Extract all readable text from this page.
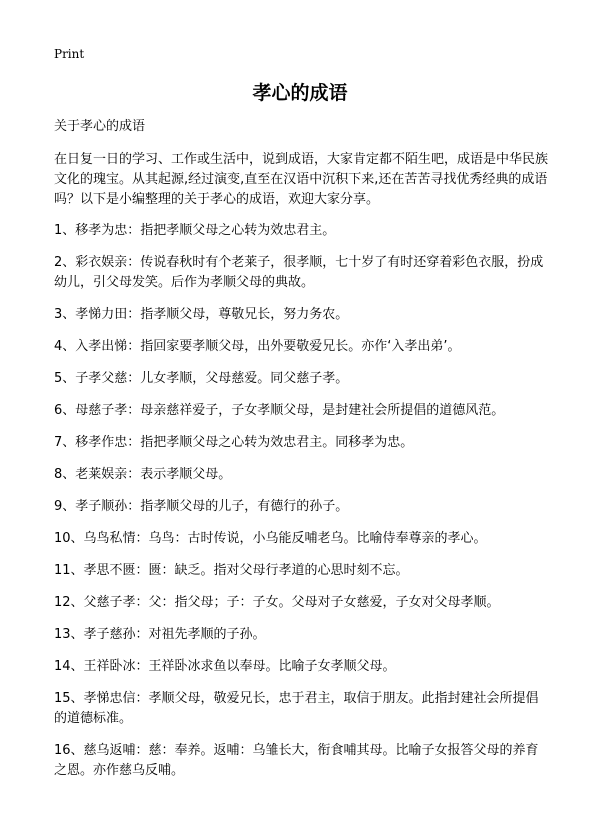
Print
孝心的成语
关于孝心的成语

在日复一日的学习、工作或生活中，说到成语，大家肯定都不陌生吧，成语是中华民族文化的瑰宝。从其起源,经过演变,直至在汉语中沉积下来,还在苦苦寻找优秀经典的成语吗？以下是小编整理的关于孝心的成语，欢迎大家分享。

1、移孝为忠：指把孝顺父母之心转为效忠君主。

2、彩衣娱亲：传说春秋时有个老莱子，很孝顺，七十岁了有时还穿着彩色衣服，扮成幼儿，引父母发笑。后作为孝顺父母的典故。

3、孝悌力田：指孝顺父母，尊敬兄长，努力务农。

4、入孝出悌：指回家要孝顺父母，出外要敬爱兄长。亦作‘入孝出弟’。

5、子孝父慈：儿女孝顺，父母慈爱。同父慈子孝。

6、母慈子孝：母亲慈祥爱子，子女孝顺父母，是封建社会所提倡的道德风范。

7、移孝作忠：指把孝顺父母之心转为效忠君主。同移孝为忠。

8、老莱娱亲：表示孝顺父母。

9、孝子顺孙：指孝顺父母的儿子，有德行的孙子。

10、乌鸟私情：乌鸟：古时传说，小乌能反哺老乌。比喻侍奉尊亲的孝心。

11、孝思不匮：匮：缺乏。指对父母行孝道的心思时刻不忘。

12、父慈子孝：父：指父母；子：子女。父母对子女慈爱，子女对父母孝顺。

13、孝子慈孙：对祖先孝顺的子孙。

14、王祥卧冰：王祥卧冰求鱼以奉母。比喻子女孝顺父母。

15、孝悌忠信：孝顺父母，敬爱兄长，忠于君主，取信于朋友。此指封建社会所提倡的道德标准。

16、慈乌返哺：慈：奉养。返哺：乌雏长大，衔食哺其母。比喻子女报答父母的养育之恩。亦作慈乌反哺。
